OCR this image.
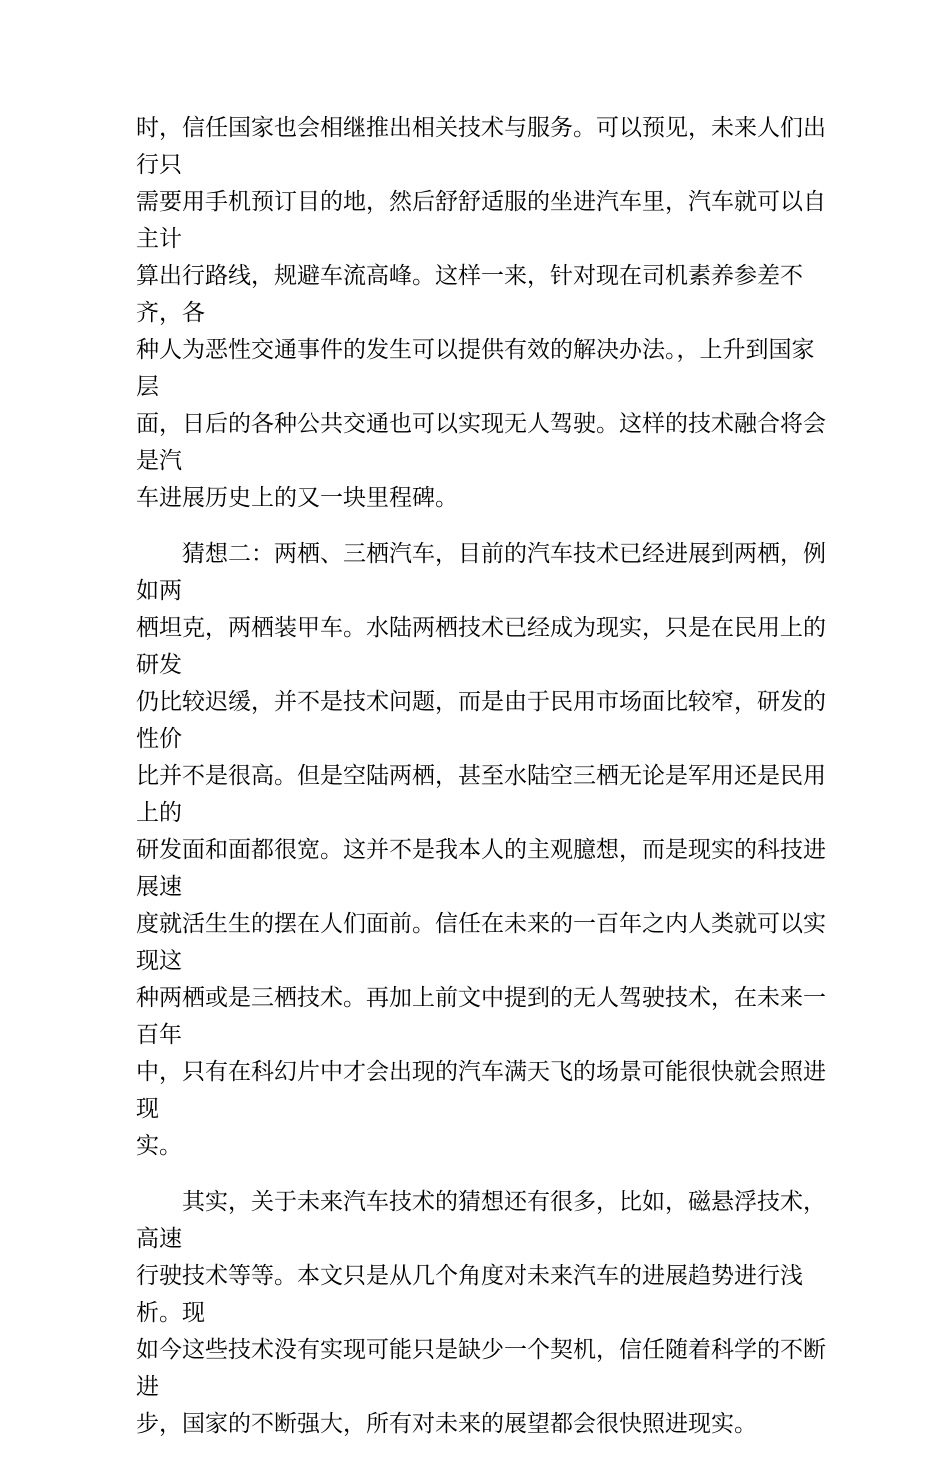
时，信任国家也会相继推出相关技术与服务。可以预见，未来人们出行只
需要用手机预订目的地，然后舒舒适服的坐进汽车里，汽车就可以自主计
算出行路线，规避车流高峰。这样一来，针对现在司机素养参差不齐，各
种人为恶性交通事件的发生可以提供有效的解决办法。，上升到国家层
面，日后的各种公共交通也可以实现无人驾驶。这样的技术融合将会是汽
车进展历史上的又一块里程碑。

　　猜想二：两栖、三栖汽车，目前的汽车技术已经进展到两栖，例如两
栖坦克，两栖装甲车。水陆两栖技术已经成为现实，只是在民用上的研发
仍比较迟缓，并不是技术问题，而是由于民用市场面比较窄，研发的性价
比并不是很高。但是空陆两栖，甚至水陆空三栖无论是军用还是民用上的
研发面和面都很宽。这并不是我本人的主观臆想，而是现实的科技进展速
度就活生生的摆在人们面前。信任在未来的一百年之内人类就可以实现这
种两栖或是三栖技术。再加上前文中提到的无人驾驶技术，在未来一百年
中，只有在科幻片中才会出现的汽车满天飞的场景可能很快就会照进现
实。

　　其实，关于未来汽车技术的猜想还有很多，比如，磁悬浮技术，高速
行驶技术等等。本文只是从几个角度对未来汽车的进展趋势进行浅析。现
如今这些技术没有实现可能只是缺少一个契机，信任随着科学的不断进
步，国家的不断强大，所有对未来的展望都会很快照进现实。
